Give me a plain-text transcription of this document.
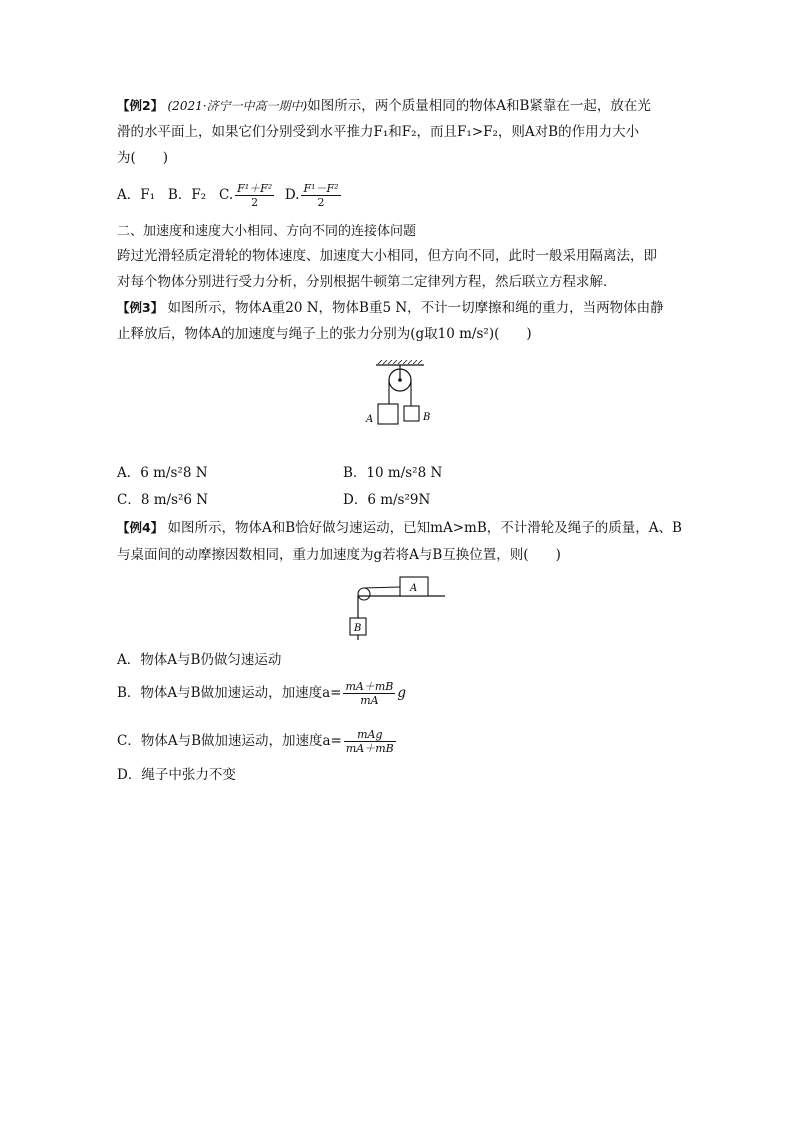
【例2】 (2021·济宁一中高一期中)如图所示，两个质量相同的物体A和B紧靠在一起，放在光
滑的水平面上，如果它们分别受到水平推力F₁和F₂，而且F₁>F₂，则A对B的作用力大小
为(　　)
A．F₁ B．F₂ C. $\frac{\text{F¹＋F²}}{2} D$. $\frac{\text{F¹－F²}}{2}$
二、加速度和速度大小相同、方向不同的连接体问题
跨过光滑轻质定滑轮的物体速度、加速度大小相同，但方向不同，此时一般采用隔离法，即
对每个物体分别进行受力分析，分别根据牛顿第二定律列方程，然后联立方程求解．
【例3】 如图所示，物体A重20 N，物体B重5 N，不计一切摩擦和绳的重力，当两物体由静
止释放后，物体A的加速度与绳子上的张力分别为(g取10 m/s²)(　　)
A	B
A．6 m/s²8 N	B．10 m/s²8 N
C．8 m/s²6 N	D．6 m/s²9N
【例4】 如图所示，物体A和B恰好做匀速运动，已知mA>mB，不计滑轮及绳子的质量，A、B
与桌面间的动摩擦因数相同，重力加速度为g若将A与B互换位置，则(　　)
A
B
A．物体A与B仍做匀速运动
B．物体A与B做加速运动，加速度$a= \frac{mA+mB}{mA}$ g
C．物体A与B做加速运动，加速度$a= \frac{\text{mAg}}{mA+mB}$
D．绳子中张力不变
